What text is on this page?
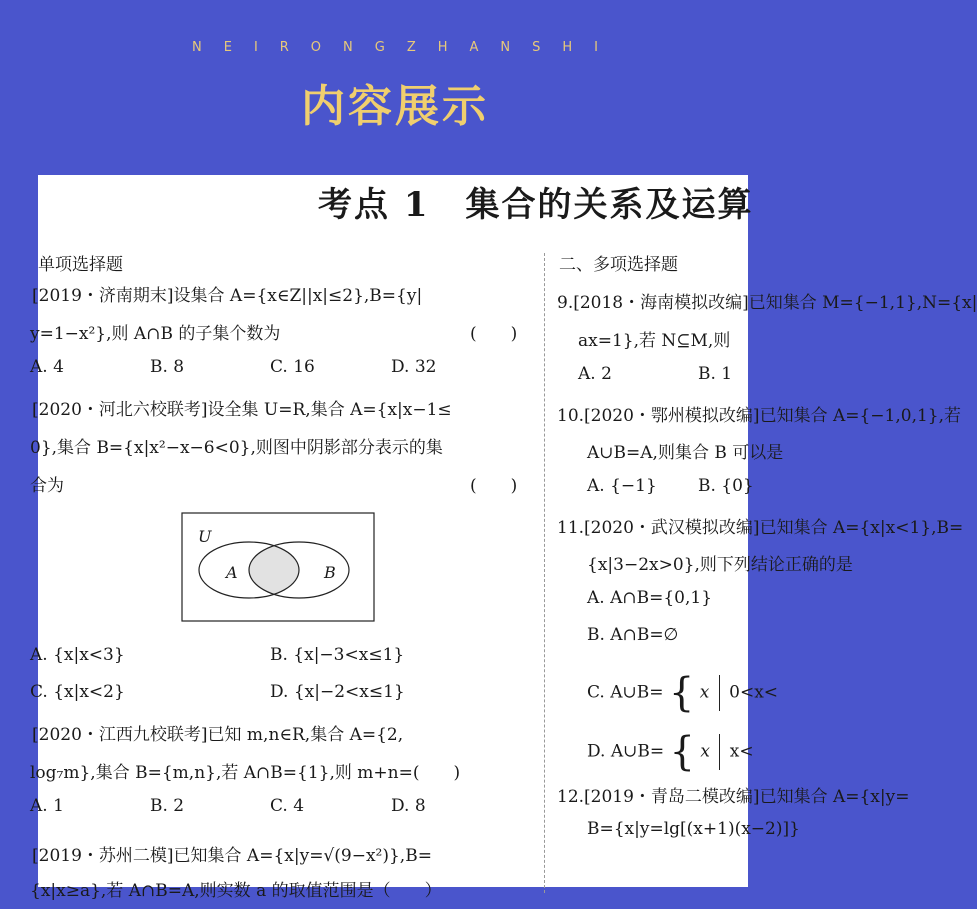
NEIRONGZHANSHI
内容展示
考点 1　集合的关系及运算
单项选择题
[2019・济南期末]设集合 A={x∈Z||x|≤2},B={y|
y=1−x²},则 A∩B 的子集个数为	(　　)
A. 4	B. 8	C. 16	D. 32
[2020・河北六校联考]设全集 U=R,集合 A={x|x−1≤
0},集合 B={x|x²−x−6<0},则图中阴影部分表示的集
合为	(　　)
U
A	B
A. {x|x<3}	B. {x|−3<x≤1}
C. {x|x<2}	D. {x|−2<x≤1}
[2020・江西九校联考]已知 m,n∈R,集合 A={2,
log₇m},集合 B={m,n},若 A∩B={1},则 m+n=(　　)
A. 1	B. 2	C. 4	D. 8
[2019・苏州二模]已知集合 A={x|y=√(9−x²)},B=
{x|x≥a},若 A∩B=A,则实数 a 的取值范围是（　　）
二、多项选择题
9.[2018・海南模拟改编]已知集合 M={−1,1},N={x|
ax=1},若 N⊆M,则
A. 2	B. 1
10.[2020・鄂州模拟改编]已知集合 A={−1,0,1},若
A∪B=A,则集合 B 可以是
A. {−1} B. {0}
11.[2020・武汉模拟改编]已知集合 A={x|x<1},B=
{x|3−2x>0},则下列结论正确的是
A. A∩B={0,1}
B. A∩B=∅
C. A∪B= { x 0<x<
D. A∪B= { x x<
12.[2019・青岛二模改编]已知集合 A={x|y=
B={x|y=lg[(x+1)(x−2)]}
